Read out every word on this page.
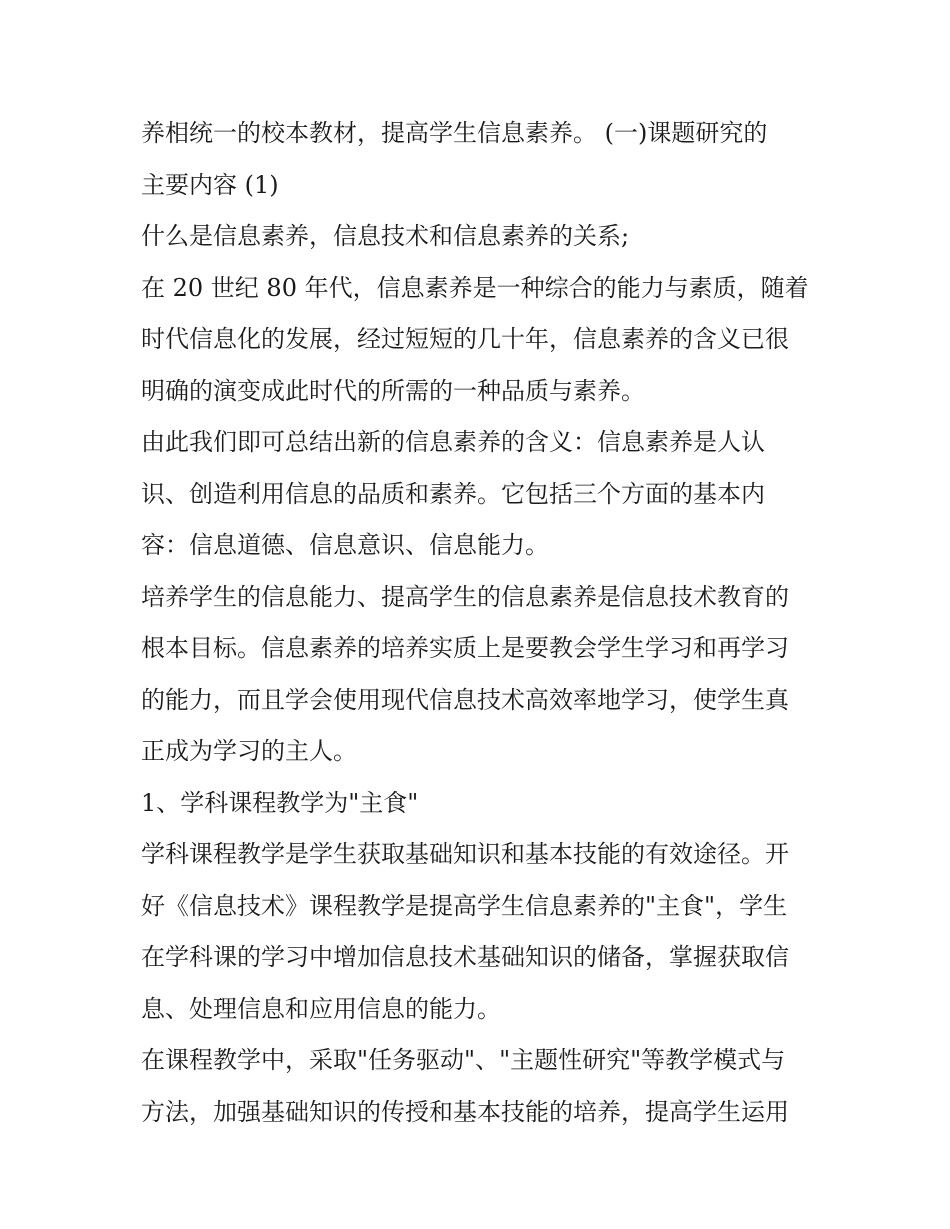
养相统一的校本教材，提高学生信息素养。 (一)课题研究的
主要内容 (1)
什么是信息素养，信息技术和信息素养的关系;
在 20 世纪 80 年代，信息素养是一种综合的能力与素质，随着
时代信息化的发展，经过短短的几十年，信息素养的含义已很
明确的演变成此时代的所需的一种品质与素养。
由此我们即可总结出新的信息素养的含义：信息素养是人认
识、创造利用信息的品质和素养。它包括三个方面的基本内
容：信息道德、信息意识、信息能力。
培养学生的信息能力、提高学生的信息素养是信息技术教育的
根本目标。信息素养的培养实质上是要教会学生学习和再学习
的能力，而且学会使用现代信息技术高效率地学习，使学生真
正成为学习的主人。
1、学科课程教学为"主食"
学科课程教学是学生获取基础知识和基本技能的有效途径。开
好《信息技术》课程教学是提高学生信息素养的"主食"，学生
在学科课的学习中增加信息技术基础知识的储备，掌握获取信
息、处理信息和应用信息的能力。
在课程教学中，采取"任务驱动"、"主题性研究"等教学模式与
方法，加强基础知识的传授和基本技能的培养，提高学生运用
